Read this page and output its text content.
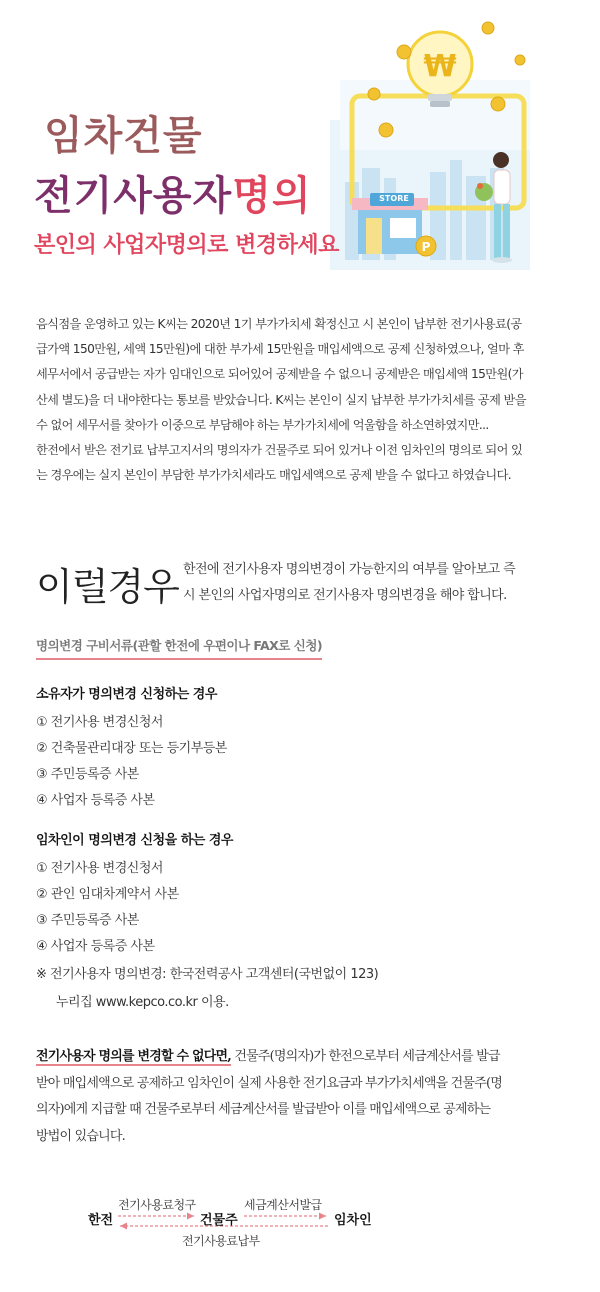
₩
P
임차건물
전기사용자명의
본인의 사업자명의로 변경하세요
STORE
음식점을 운영하고 있는 K씨는 2020년 1기 부가가치세 확정신고 시 본인이 납부한 전기사용료(공
급가액 150만원, 세액 15만원)에 대한 부가세 15만원을 매입세액으로 공제 신청하였으나, 얼마 후
세무서에서 공급받는 자가 임대인으로 되어있어 공제받을 수 없으니 공제받은 매입세액 15만원(가
산세 별도)을 더 내야한다는 통보를 받았습니다. K씨는 본인이 실지 납부한 부가가치세를 공제 받을
수 없어 세무서를 찾아가 이중으로 부담해야 하는 부가가치세에 억울함을 하소연하였지만...
한전에서 받은 전기료 납부고지서의 명의자가 건물주로 되어 있거나 이전 임차인의 명의로 되어 있
는 경우에는 실지 본인이 부담한 부가가치세라도 매입세액으로 공제 받을 수 없다고 하였습니다.
이럴경우 한전에 전기사용자 명의변경이 가능한지의 여부를 알아보고 즉
시 본인의 사업자명의로 전기사용자 명의변경을 해야 합니다.
명의변경 구비서류(관할 한전에 우편이나 FAX로 신청)
소유자가 명의변경 신청하는 경우
① 전기사용 변경신청서
② 건축물관리대장 또는 등기부등본
③ 주민등록증 사본
④ 사업자 등록증 사본
임차인이 명의변경 신청을 하는 경우
① 전기사용 변경신청서
② 관인 임대차계약서 사본
③ 주민등록증 사본
④ 사업자 등록증 사본
※ 전기사용자 명의변경: 한국전력공사 고객센터(국번없이 123)
누리집 www.kepco.co.kr 이용.
전기사용자 명의를 변경할 수 없다면, 건물주(명의자)가 한전으로부터 세금계산서를 발급
받아 매입세액으로 공제하고 임차인이 실제 사용한 전기요금과 부가가치세액을 건물주(명
의자)에게 지급할 때 건물주로부터 세금계산서를 발급받아 이를 매입세액으로 공제하는
방법이 있습니다.
전기사용료청구	세금계산서발급
전기사용료납부
한전	건물주	임차인
